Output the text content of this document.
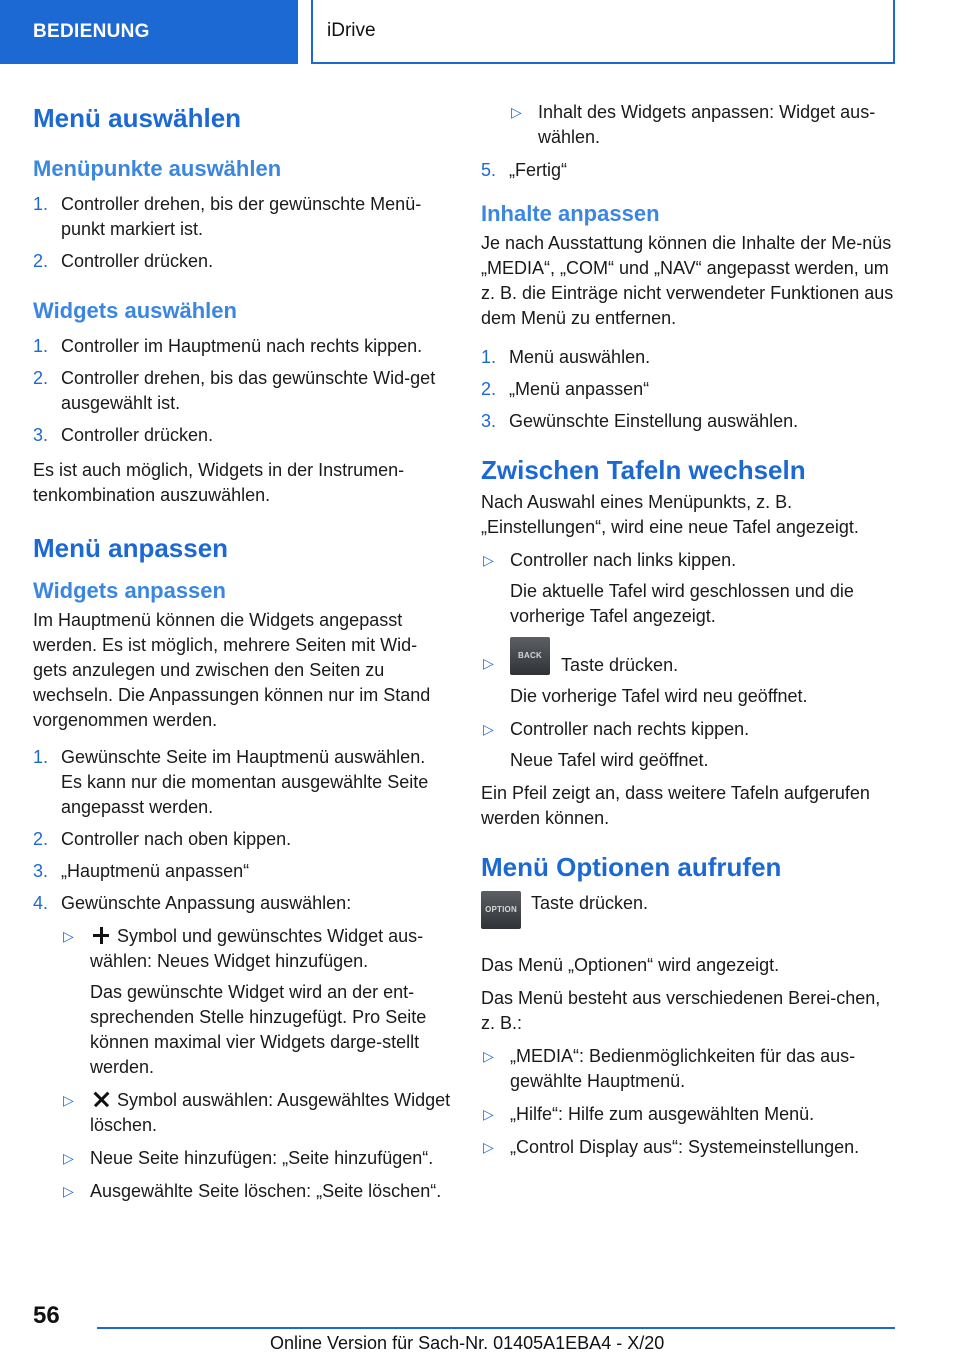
BEDIENUNG	iDrive
Menü auswählen
Menüpunkte auswählen
1. Controller drehen, bis der gewünschte Menü-punkt markiert ist.
2. Controller drücken.
Widgets auswählen
1. Controller im Hauptmenü nach rechts kippen.
2. Controller drehen, bis das gewünschte Wid-get ausgewählt ist.
3. Controller drücken.

Es ist auch möglich, Widgets in der Instrumen-tenkombination auszuwählen.

Menü anpassen
Widgets anpassen

Im Hauptmenü können die Widgets angepasst werden. Es ist möglich, mehrere Seiten mit Wid-gets anzulegen und zwischen den Seiten zu wechseln. Die Anpassungen können nur im Stand vorgenommen werden.

1. Gewünschte Seite im Hauptmenü auswählen.
Es kann nur die momentan ausgewählte Seite angepasst werden.
2. Controller nach oben kippen.
3. „Hauptmenü anpassen“
4. Gewünschte Anpassung auswählen:
▷ Symbol und gewünschtes Widget aus-wählen: Neues Widget hinzufügen.
Das gewünschte Widget wird an der ent-sprechenden Stelle hinzugefügt. Pro Seite können maximal vier Widgets darge-stellt werden.
▷ Symbol auswählen: Ausgewähltes Widget löschen.
▷ Neue Seite hinzufügen: „Seite hinzufügen“.
▷ Ausgewählte Seite löschen: „Seite löschen“.
▷ Inhalt des Widgets anpassen: Widget aus-wählen.
5. „Fertig“
Inhalte anpassen

Je nach Ausstattung können die Inhalte der Me-nüs „MEDIA“, „COM“ und „NAV“ angepasst werden, um z. B. die Einträge nicht verwendeter Funktionen aus dem Menü zu entfernen.

1. Menü auswählen.
2. „Menü anpassen“
3. Gewünschte Einstellung auswählen.
Zwischen Tafeln wechseln

Nach Auswahl eines Menüpunkts, z. B. „Einstellungen“, wird eine neue Tafel angezeigt.

▷ Controller nach links kippen.
Die aktuelle Tafel wird geschlossen und die vorherige Tafel angezeigt.
▷	BACK Taste drücken.
Die vorherige Tafel wird neu geöffnet.
▷ Controller nach rechts kippen.
Neue Tafel wird geöffnet.

Ein Pfeil zeigt an, dass weitere Tafeln aufgerufen werden können.

Menü Optionen aufrufen
OPTION Taste drücken.

Das Menü „Optionen“ wird angezeigt.

Das Menü besteht aus verschiedenen Berei-chen, z. B.:

▷ „MEDIA“: Bedienmöglichkeiten für das aus-gewählte Hauptmenü.
▷ „Hilfe“: Hilfe zum ausgewählten Menü.
▷ „Control Display aus“: Systemeinstellungen.
56
Online Version für Sach-Nr. 01405A1EBA4 - X/20
